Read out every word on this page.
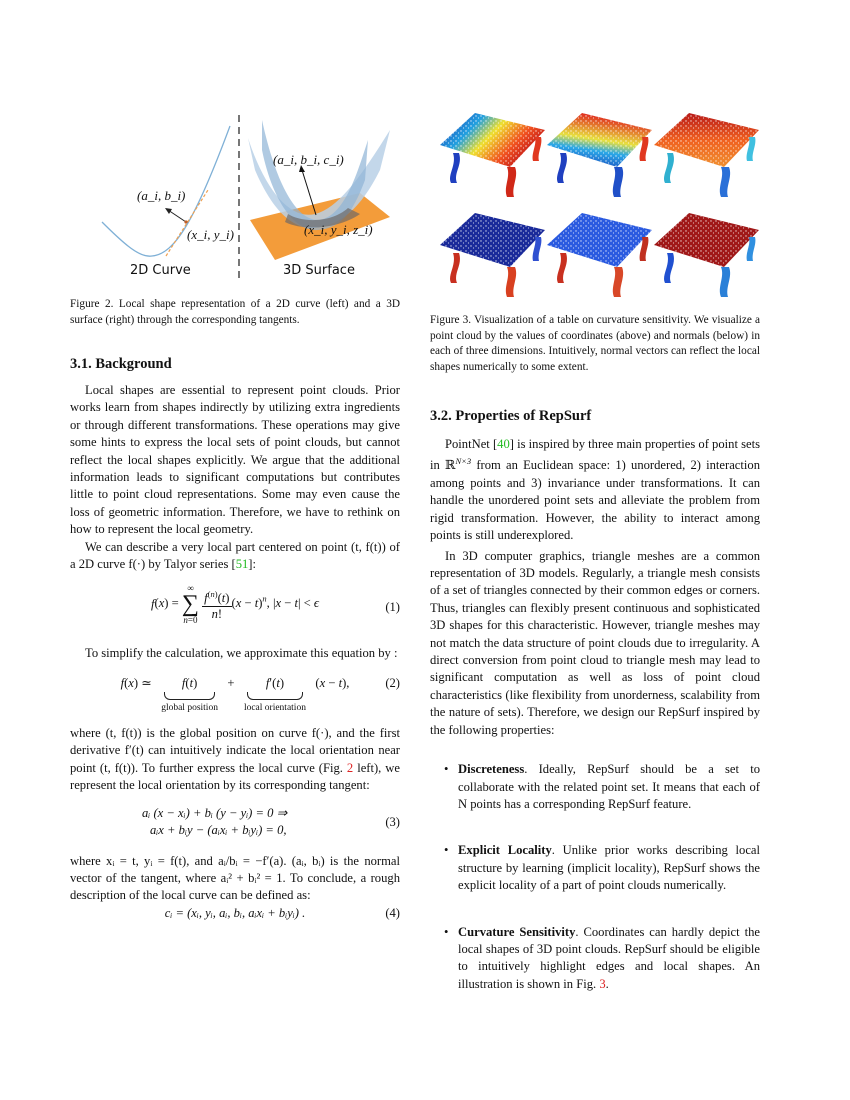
(a_i, b_i)
(x_i, y_i)
(a_i, b_i, c_i)
(x_i, y_i, z_i)
2D Curve	3D Surface
Figure 2. Local shape representation of a 2D curve (left) and a 3D surface (right) through the corresponding tangents.	Figure 3. Visualization of a table on curvature sensitivity. We visualize a point cloud by the values of coordinates (above) and normals (below) in each of three dimensions. Intuitively, normal vectors can reflect the local shapes numerically to some extent.
3.1. Background

Local shapes are essential to represent point clouds. Prior works learn from shapes indirectly by utilizing extra ingredients or through different transformations. These operations may give some hints to express the local sets of point clouds, but cannot reflect the local shapes explicitly. We argue that the additional information leads to significant computations but contributes little to point cloud representations. Some may even cause the loss of geometric information. Therefore, we have to rethink on how to represent the local geometry.

We can describe a very local part centered on point (t, f(t)) of a 2D curve f(·) by Talyor series [51]:

f(x) =
∞
∑
n=0
$\frac{f^{(n)}(t)}{n!} (x - t)^n$, |x − t| < ϵ	(1)

To simplify the calculation, we approximate this equation by :

f(x) ≃   f(t)
global position
+   f′(t)
local orientation
(x − t),	(2)

where (t, f(t)) is the global position on curve f(·), and the first derivative f′(t) can intuitively indicate the local orientation near point (t, f(t)). To further express the local curve (Fig. 2 left), we represent the local orientation by its corresponding tangent:

aᵢ (x − xᵢ) + bᵢ (y − yᵢ) = 0 ⇒
aᵢx + bᵢy − (aᵢxᵢ + bᵢyᵢ) = 0,
(3)

where xᵢ = t, yᵢ = f(t), and aᵢ/bᵢ = −f′(a). (aᵢ, bᵢ) is the normal vector of the tangent, where aᵢ² + bᵢ² = 1. To conclude, a rough description of the local curve can be defined as:

cᵢ = (xᵢ, yᵢ, aᵢ, bᵢ, aᵢxᵢ + bᵢyᵢ) .	(4)
3.2. Properties of RepSurf

PointNet [40] is inspired by three main properties of point sets in ℝ$^{N\times 3}$ from an Euclidean space: 1) unordered, 2) interaction among points and 3) invariance under transformations. It can handle the unordered point sets and alleviate the problem from rigid transformation. However, the ability to interact among points is still underexplored.

In 3D computer graphics, triangle meshes are a common representation of 3D models. Regularly, a triangle mesh consists of a set of triangles connected by their common edges or corners. Thus, triangles can flexibly present continuous and sophisticated 3D shapes for this characteristic. However, triangle meshes may not match the data structure of point clouds due to irregularity. A direct conversion from point cloud to triangle mesh may lead to significant computation as well as loss of point cloud characteristics (like flexibility from unorderness, scalability from the nature of sets). Therefore, we design our RepSurf inspired by the following properties:

• Discreteness. Ideally, RepSurf should be a set to collaborate with the related point set. It means that each of N points has a corresponding RepSurf feature.
• Explicit Locality. Unlike prior works describing local structure by learning (implicit locality), RepSurf shows the explicit locality of a part of point clouds numerically.
• Curvature Sensitivity. Coordinates can hardly depict the local shapes of 3D point clouds. RepSurf should be eligible to intuitively highlight edges and local shapes. An illustration is shown in Fig. 3.
